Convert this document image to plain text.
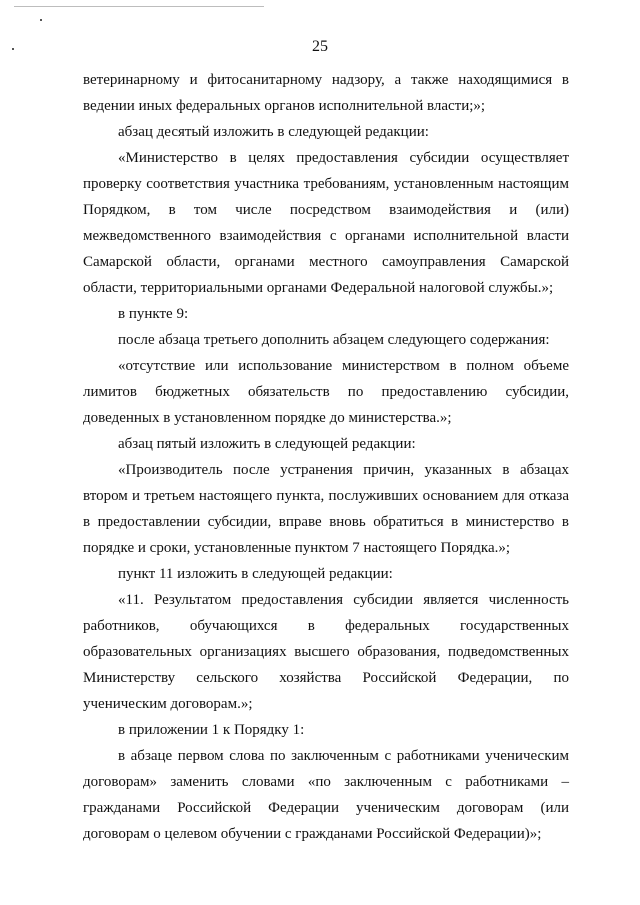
25
ветеринарному и фитосанитарному надзору, а также находящимися в
ведении иных федеральных органов исполнительной власти;»;
абзац десятый изложить в следующей редакции:
«Министерство в целях предоставления субсидии осуществляет
проверку соответствия участника требованиям, установленным настоящим
Порядком, в том числе посредством взаимодействия и (или)
межведомственного взаимодействия с органами исполнительной власти
Самарской области, органами местного самоуправления Самарской
области, территориальными органами Федеральной налоговой службы.»;
в пункте 9:
после абзаца третьего дополнить абзацем следующего содержания:
«отсутствие или использование министерством в полном объеме
лимитов бюджетных обязательств по предоставлению субсидии,
доведенных в установленном порядке до министерства.»;
абзац пятый изложить в следующей редакции:
«Производитель после устранения причин, указанных в абзацах
втором и третьем настоящего пункта, послуживших основанием для отказа
в предоставлении субсидии, вправе вновь обратиться в министерство в
порядке и сроки, установленные пунктом 7 настоящего Порядка.»;
пункт 11 изложить в следующей редакции:
«11. Результатом предоставления субсидии является численность
работников, обучающихся в федеральных государственных
образовательных организациях высшего образования, подведомственных
Министерству сельского хозяйства Российской Федерации, по
ученическим договорам.»;
в приложении 1 к Порядку 1:
в абзаце первом слова по заключенным с работниками ученическим
договорам» заменить словами «по заключенным с работниками –
гражданами Российской Федерации ученическим договорам (или
договорам о целевом обучении с гражданами Российской Федерации)»;
